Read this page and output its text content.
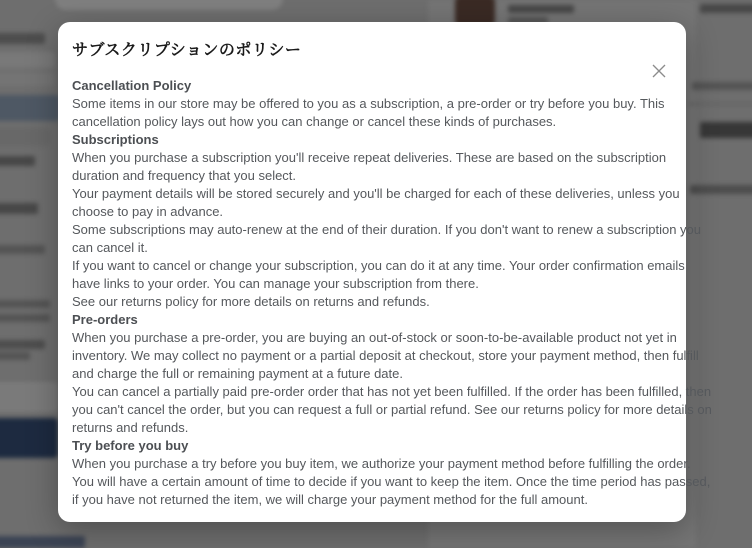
サブスクリプションのポリシー
Cancellation Policy
Some items in our store may be offered to you as a subscription, a pre-order or try before you buy. This
cancellation policy lays out how you can change or cancel these kinds of purchases.
Subscriptions
When you purchase a subscription you'll receive repeat deliveries. These are based on the subscription
duration and frequency that you select.
Your payment details will be stored securely and you'll be charged for each of these deliveries, unless you
choose to pay in advance.
Some subscriptions may auto-renew at the end of their duration. If you don't want to renew a subscription you
can cancel it.
If you want to cancel or change your subscription, you can do it at any time. Your order confirmation emails
have links to your order. You can manage your subscription from there.
See our returns policy for more details on returns and refunds.
Pre-orders
When you purchase a pre-order, you are buying an out-of-stock or soon-to-be-available product not yet in
inventory. We may collect no payment or a partial deposit at checkout, store your payment method, then fulfill
and charge the full or remaining payment at a future date.
You can cancel a partially paid pre-order order that has not yet been fulfilled. If the order has been fulfilled, then
you can't cancel the order, but you can request a full or partial refund. See our returns policy for more details on
returns and refunds.
Try before you buy
When you purchase a try before you buy item, we authorize your payment method before fulfilling the order.
You will have a certain amount of time to decide if you want to keep the item. Once the time period has passed,
if you have not returned the item, we will charge your payment method for the full amount.
